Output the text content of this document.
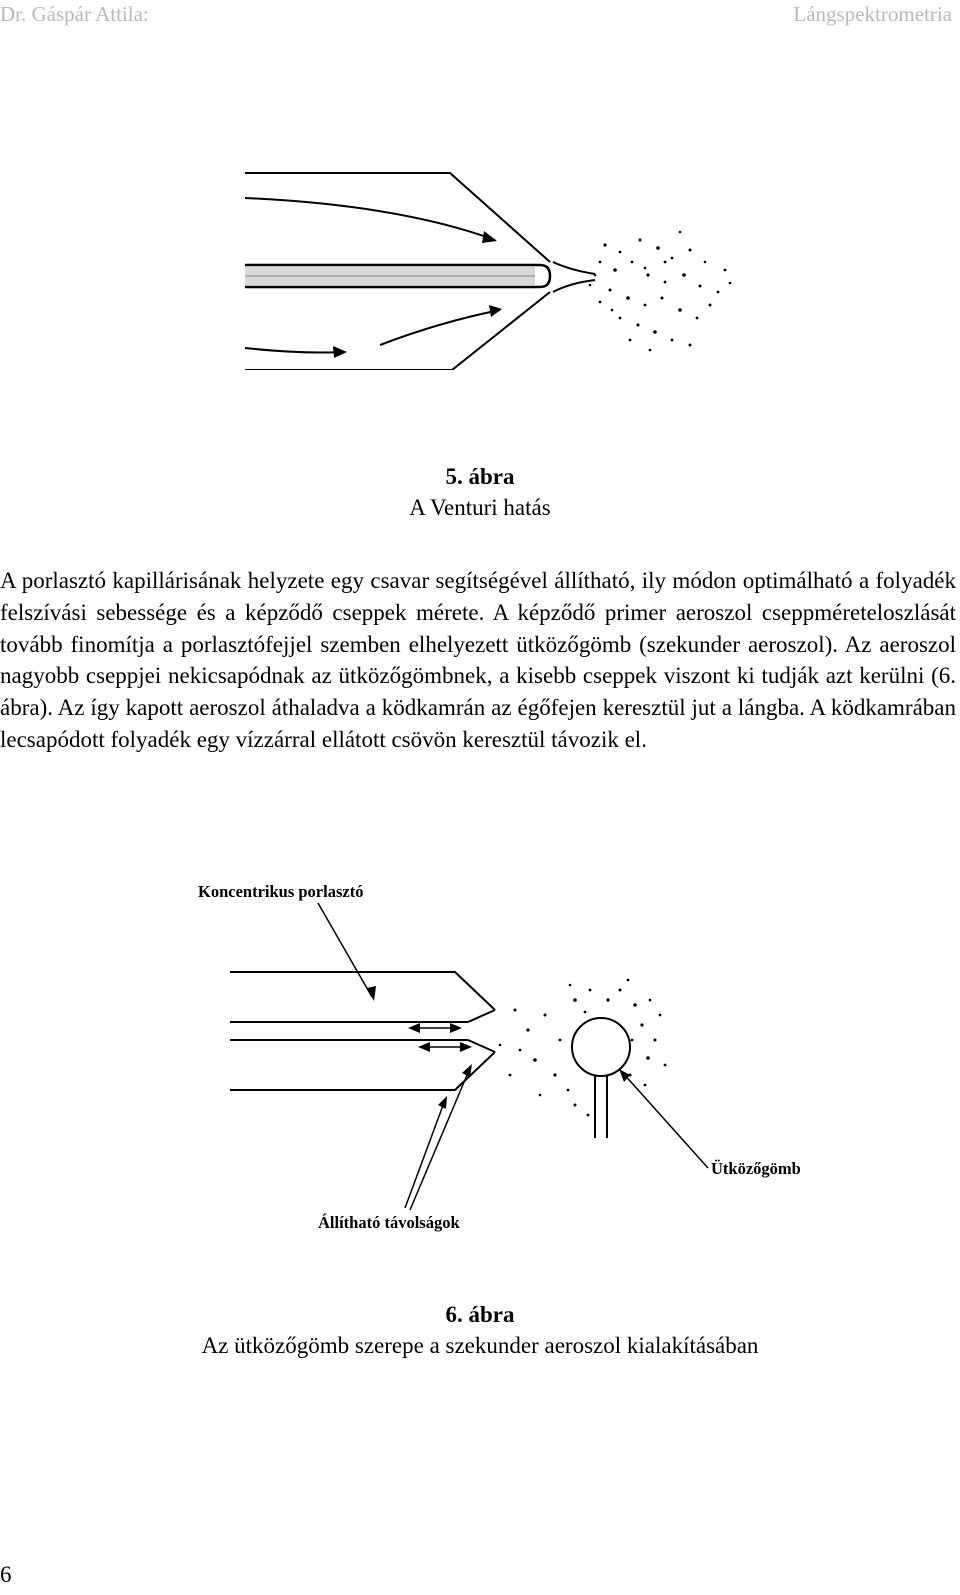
Dr. Gáspár Attila:	Lángspektrometria
5. ábra
A Venturi hatás
A porlasztó kapillárisának helyzete egy csavar segítségével állítható, ily módon optimálható a folyadék felszívási sebessége és a képződő cseppek mérete. A képződő primer aeroszol cseppméreteloszlását tovább finomítja a porlasztófejjel szemben elhelyezett ütközőgömb (szekunder aeroszol). Az aeroszol nagyobb cseppjei nekicsapódnak az ütközőgömbnek, a kisebb cseppek viszont ki tudják azt kerülni (6. ábra). Az így kapott aeroszol áthaladva a ködkamrán az égőfejen keresztül jut a lángba. A ködkamrában lecsapódott folyadék egy vízzárral ellátott csövön keresztül távozik el.
Koncentrikus porlasztó
Ütközőgömb
Állítható távolságok
6. ábra
Az ütközőgömb szerepe a szekunder aeroszol kialakításában
6
